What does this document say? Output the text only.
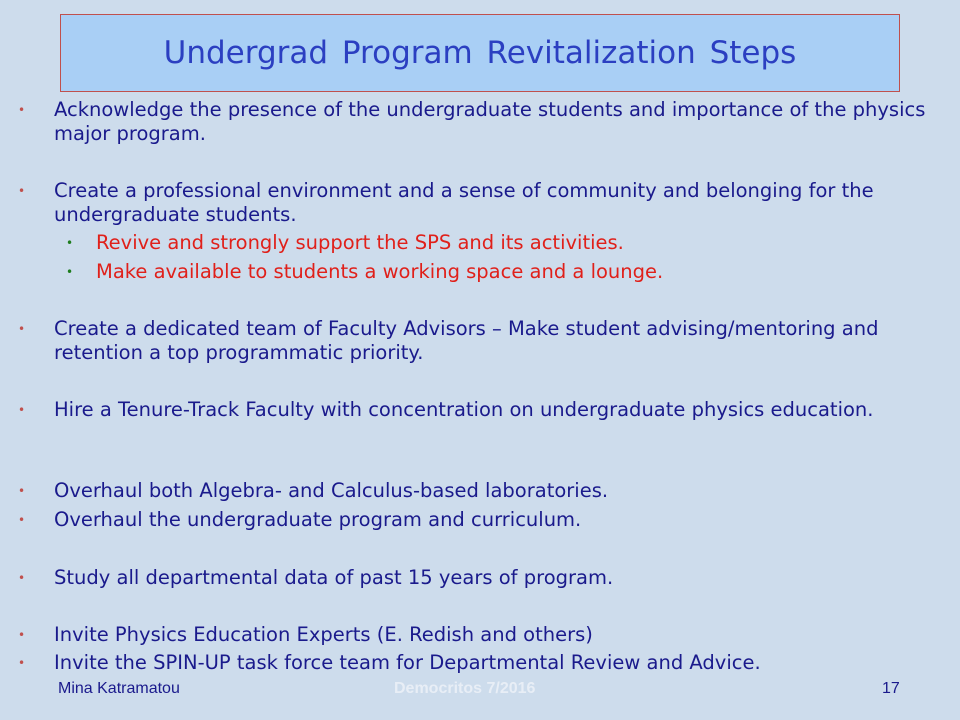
Undergrad Program Revitalization Steps
• Acknowledge the presence of the undergraduate students and importance of the physics major program.
• Create a professional environment and a sense of community and belonging for the undergraduate students.
• Revive and strongly support the SPS and its activities.
• Make available to students a working space and a lounge.
• Create a dedicated team of Faculty Advisors – Make student advising/mentoring and retention a top programmatic priority.
• Hire a Tenure-Track Faculty with concentration on undergraduate physics education.
• Overhaul both Algebra- and Calculus-based laboratories.
• Overhaul the undergraduate program and curriculum.
• Study all departmental data of past 15 years of program.
• Invite Physics Education Experts (E. Redish and others)
• Invite the SPIN-UP task force team for Departmental Review and Advice.
Mina Katramatou	Democritos 7/2016	17
